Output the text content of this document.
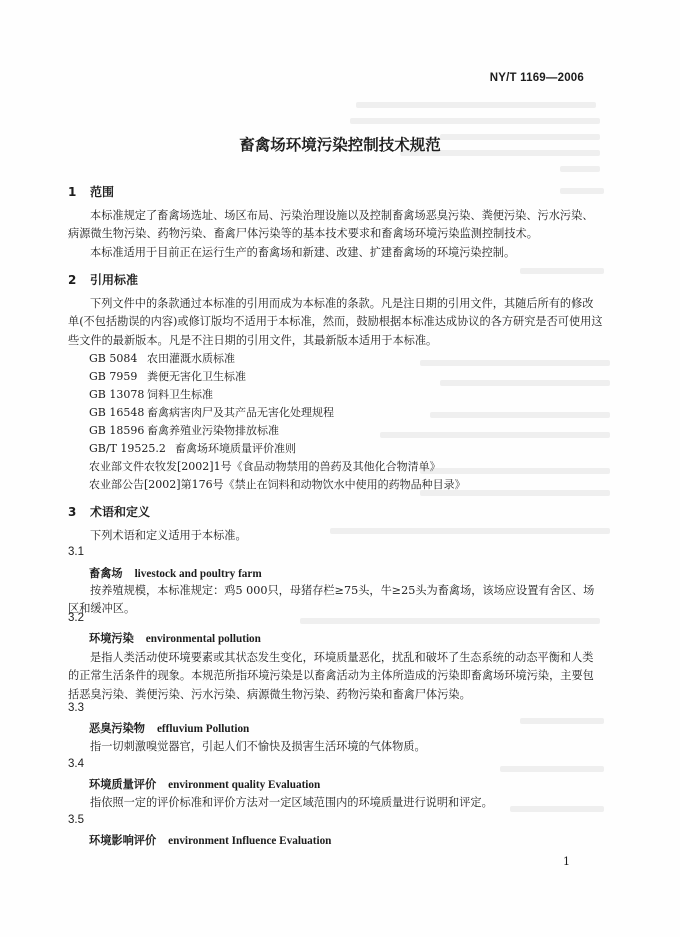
NY/T 1169—2006
畜禽场环境污染控制技术规范
1 范围
本标准规定了畜禽场选址、场区布局、污染治理设施以及控制畜禽场恶臭污染、粪便污染、污水污染、病源微生物污染、药物污染、畜禽尸体污染等的基本技术要求和畜禽场环境污染监测控制技术。
本标准适用于目前正在运行生产的畜禽场和新建、改建、扩建畜禽场的环境污染控制。
2 引用标准
下列文件中的条款通过本标准的引用而成为本标准的条款。凡是注日期的引用文件，其随后所有的修改单(不包括勘误的内容)或修订版均不适用于本标准，然而，鼓励根据本标准达成协议的各方研究是否可使用这些文件的最新版本。凡是不注日期的引用文件，其最新版本适用于本标准。
GB 5084 农田灌溉水质标准
GB 7959 粪便无害化卫生标准
GB 13078 饲料卫生标准
GB 16548 畜禽病害肉尸及其产品无害化处理规程
GB 18596 畜禽养殖业污染物排放标准
GB/T 19525.2 畜禽场环境质量评价准则
农业部文件农牧发[2002]1号《食品动物禁用的兽药及其他化合物清单》
农业部公告[2002]第176号《禁止在饲料和动物饮水中使用的药物品种目录》
3 术语和定义
下列术语和定义适用于本标准。
3.1
畜禽场 livestock and poultry farm
按养殖规模，本标准规定：鸡5 000只，母猪存栏≥75头，牛≥25头为畜禽场，该场应设置有舍区、场区和缓冲区。
3.2
环境污染 environmental pollution
是指人类活动使环境要素或其状态发生变化，环境质量恶化，扰乱和破坏了生态系统的动态平衡和人类的正常生活条件的现象。本规范所指环境污染是以畜禽活动为主体所造成的污染即畜禽场环境污染，主要包括恶臭污染、粪便污染、污水污染、病源微生物污染、药物污染和畜禽尸体污染。
3.3
恶臭污染物 effluvium Pollution
指一切刺激嗅觉器官，引起人们不愉快及损害生活环境的气体物质。
3.4
环境质量评价 environment quality Evaluation
指依照一定的评价标准和评价方法对一定区域范围内的环境质量进行说明和评定。
3.5
环境影响评价 environment Influence Evaluation
1
